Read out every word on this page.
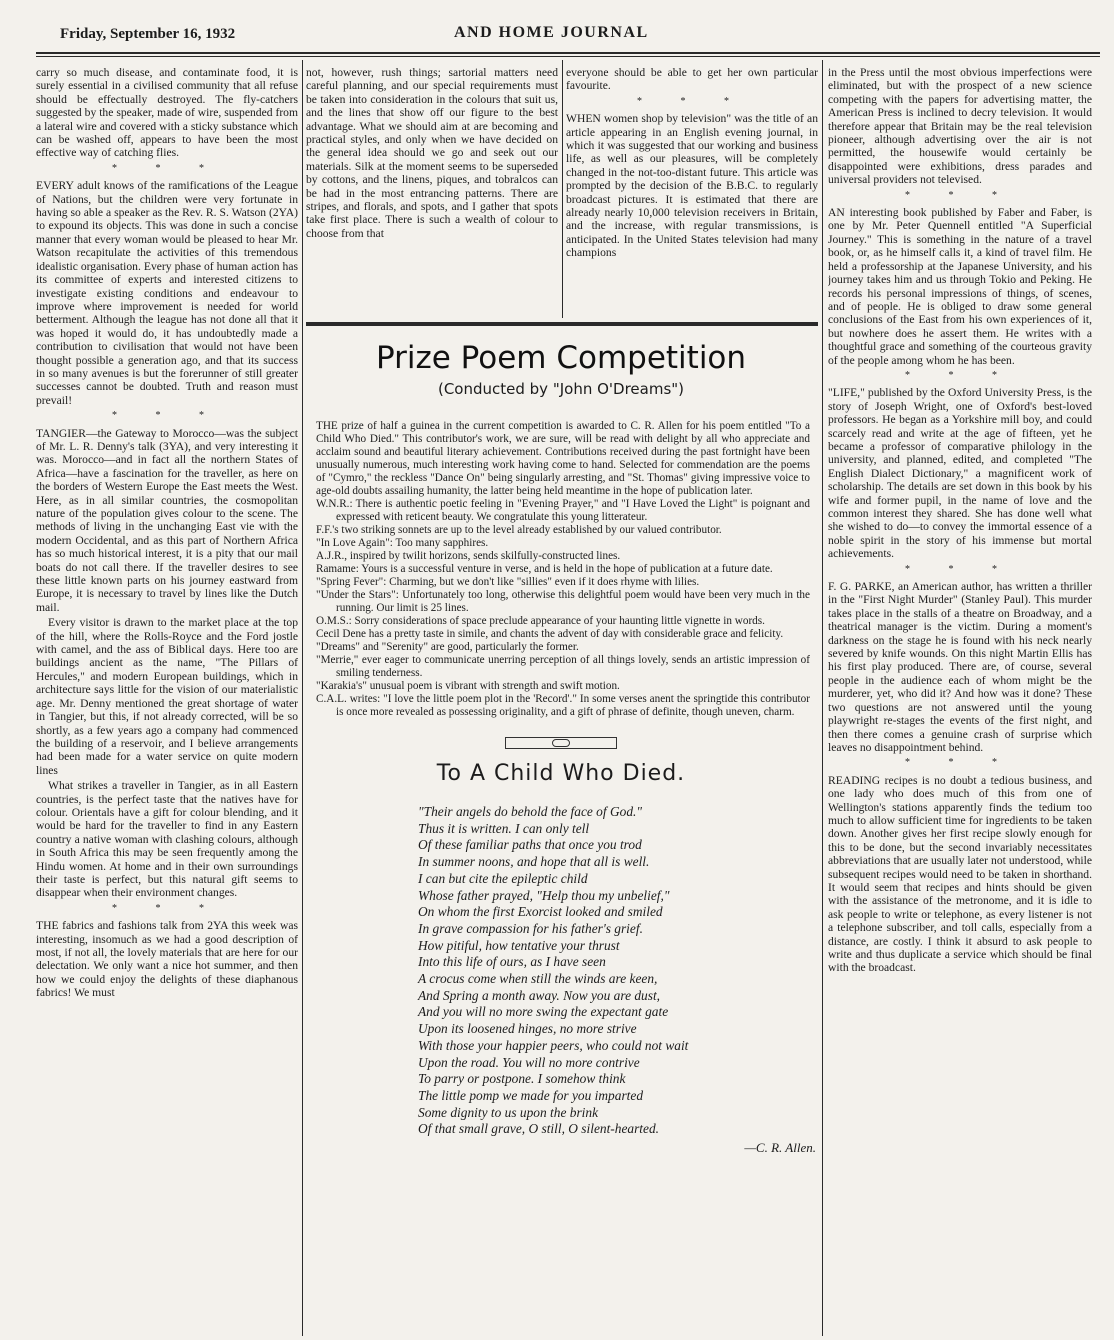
Friday, September 16, 1932	AND HOME JOURNAL

carry so much disease, and contaminate food, it is surely essential in a civilised community that all refuse should be effectually destroyed. The fly-catchers suggested by the speaker, made of wire, suspended from a lateral wire and covered with a sticky substance which can be washed off, appears to have been the most effective way of catching flies.

* * *

EVERY adult knows of the ramifications of the League of Nations, but the children were very fortunate in having so able a speaker as the Rev. R. S. Watson (2YA) to expound its objects. This was done in such a concise manner that every woman would be pleased to hear Mr. Watson recapitulate the activities of this tremendous idealistic organisation. Every phase of human action has its committee of experts and interested citizens to investigate existing conditions and endeavour to improve where improvement is needed for world betterment. Although the league has not done all that it was hoped it would do, it has undoubtedly made a contribution to civilisation that would not have been thought possible a generation ago, and that its success in so many avenues is but the forerunner of still greater successes cannot be doubted. Truth and reason must prevail!

* * *

TANGIER—the Gateway to Morocco—was the subject of Mr. L. R. Denny's talk (3YA), and very interesting it was. Morocco—and in fact all the northern States of Africa—have a fascination for the traveller, as here on the borders of Western Europe the East meets the West. Here, as in all similar countries, the cosmopolitan nature of the population gives colour to the scene. The methods of living in the unchanging East vie with the modern Occidental, and as this part of Northern Africa has so much historical interest, it is a pity that our mail boats do not call there. If the traveller desires to see these little known parts on his journey eastward from Europe, it is necessary to travel by lines like the Dutch mail.

Every visitor is drawn to the market place at the top of the hill, where the Rolls-Royce and the Ford jostle with camel, and the ass of Biblical days. Here too are buildings ancient as the name, "The Pillars of Hercules," and modern European buildings, which in architecture says little for the vision of our materialistic age. Mr. Denny mentioned the great shortage of water in Tangier, but this, if not already corrected, will be so shortly, as a few years ago a company had commenced the building of a reservoir, and I believe arrangements had been made for a water service on quite modern lines

What strikes a traveller in Tangier, as in all Eastern countries, is the perfect taste that the natives have for colour. Orientals have a gift for colour blending, and it would be hard for the traveller to find in any Eastern country a native woman with clashing colours, although in South Africa this may be seen frequently among the Hindu women. At home and in their own surroundings their taste is perfect, but this natural gift seems to disappear when their environment changes.

* * *

THE fabrics and fashions talk from 2YA this week was interesting, insomuch as we had a good description of most, if not all, the lovely materials that are here for our delectation. We only want a nice hot summer, and then how we could enjoy the delights of these diaphanous fabrics! We must

not, however, rush things; sartorial matters need careful planning, and our special requirements must be taken into consideration in the colours that suit us, and the lines that show off our figure to the best advantage. What we should aim at are becoming and practical styles, and only when we have decided on the general idea should we go and seek out our materials. Silk at the moment seems to be superseded by cottons, and the linens, piques, and tobralcos can be had in the most entrancing patterns. There are stripes, and florals, and spots, and I gather that spots take first place. There is such a wealth of colour to choose from that

everyone should be able to get her own particular favourite.

* * *

WHEN women shop by television" was the title of an article appearing in an English evening journal, in which it was suggested that our working and business life, as well as our pleasures, will be completely changed in the not-too-distant future. This article was prompted by the decision of the B.B.C. to regularly broadcast pictures. It is estimated that there are already nearly 10,000 television receivers in Britain, and the increase, with regular transmissions, is anticipated. In the United States television had many champions

in the Press until the most obvious imperfections were eliminated, but with the prospect of a new science competing with the papers for advertising matter, the American Press is inclined to decry television. It would therefore appear that Britain may be the real television pioneer, although advertising over the air is not permitted, the housewife would certainly be disappointed were exhibitions, dress parades and universal providers not televised.

* * *

AN interesting book published by Faber and Faber, is one by Mr. Peter Quennell entitled "A Superficial Journey." This is something in the nature of a travel book, or, as he himself calls it, a kind of travel film. He held a professorship at the Japanese University, and his journey takes him and us through Tokio and Peking. He records his personal impressions of things, of scenes, and of people. He is obliged to draw some general conclusions of the East from his own experiences of it, but nowhere does he assert them. He writes with a thoughtful grace and something of the courteous gravity of the people among whom he has been.

* * *

"LIFE," published by the Oxford University Press, is the story of Joseph Wright, one of Oxford's best-loved professors. He began as a Yorkshire mill boy, and could scarcely read and write at the age of fifteen, yet he became a professor of comparative philology in the university, and planned, edited, and completed "The English Dialect Dictionary," a magnificent work of scholarship. The details are set down in this book by his wife and former pupil, in the name of love and the common interest they shared. She has done well what she wished to do—to convey the immortal essence of a noble spirit in the story of his immense but mortal achievements.

* * *

F. G. PARKE, an American author, has written a thriller in the "First Night Murder" (Stanley Paul). This murder takes place in the stalls of a theatre on Broadway, and a theatrical manager is the victim. During a moment's darkness on the stage he is found with his neck nearly severed by knife wounds. On this night Martin Ellis has his first play produced. There are, of course, several people in the audience each of whom might be the murderer, yet, who did it? And how was it done? These two questions are not answered until the young playwright re-stages the events of the first night, and then there comes a genuine crash of surprise which leaves no disappointment behind.

* * *

READING recipes is no doubt a tedious business, and one lady who does much of this from one of Wellington's stations apparently finds the tedium too much to allow sufficient time for ingredients to be taken down. Another gives her first recipe slowly enough for this to be done, but the second invariably necessitates abbreviations that are usually later not understood, while subsequent recipes would need to be taken in shorthand. It would seem that recipes and hints should be given with the assistance of the metronome, and it is idle to ask people to write or telephone, as every listener is not a telephone subscriber, and toll calls, especially from a distance, are costly. I think it absurd to ask people to write and thus duplicate a service which should be final with the broadcast.

Prize Poem Competition
(Conducted by "John O'Dreams")

THE prize of half a guinea in the current competition is awarded to C. R. Allen for his poem entitled "To a Child Who Died." This contributor's work, we are sure, will be read with delight by all who appreciate and acclaim sound and beautiful literary achievement. Contributions received during the past fortnight have been unusually numerous, much interesting work having come to hand. Selected for commendation are the poems of "Cymro," the reckless "Dance On" being singularly arresting, and "St. Thomas" giving impressive voice to age-old doubts assailing humanity, the latter being held meantime in the hope of publication later.

W.N.R.: There is authentic poetic feeling in "Evening Prayer," and "I Have Loved the Light" is poignant and expressed with reticent beauty. We congratulate this young litterateur.

F.F.'s two striking sonnets are up to the level already established by our valued contributor.

"In Love Again": Too many sapphires.

A.J.R., inspired by twilit horizons, sends skilfully-constructed lines.

Ramame: Yours is a successful venture in verse, and is held in the hope of publication at a future date.

"Spring Fever": Charming, but we don't like "sillies" even if it does rhyme with lilies.

"Under the Stars": Unfortunately too long, otherwise this delightful poem would have been very much in the running. Our limit is 25 lines.

O.M.S.: Sorry considerations of space preclude appearance of your haunting little vignette in words.

Cecil Dene has a pretty taste in simile, and chants the advent of day with considerable grace and felicity.

"Dreams" and "Serenity" are good, particularly the former.

"Merrie," ever eager to communicate unerring perception of all things lovely, sends an artistic impression of smiling tenderness.

"Karakia's" unusual poem is vibrant with strength and swift motion.

C.A.L. writes: "I love the little poem plot in the 'Record'." In some verses anent the springtide this contributor is once more revealed as possessing originality, and a gift of phrase of definite, though uneven, charm.

To A Child Who Died.
"Their angels do behold the face of God."
Thus it is written. I can only tell
Of these familiar paths that once you trod
In summer noons, and hope that all is well.
I can but cite the epileptic child
Whose father prayed, "Help thou my unbelief,"
On whom the first Exorcist looked and smiled
In grave compassion for his father's grief.
How pitiful, how tentative your thrust
Into this life of ours, as I have seen
A crocus come when still the winds are keen,
And Spring a month away. Now you are dust,
And you will no more swing the expectant gate
Upon its loosened hinges, no more strive
With those your happier peers, who could not wait
Upon the road. You will no more contrive
To parry or postpone. I somehow think
The little pomp we made for you imparted
Some dignity to us upon the brink
Of that small grave, O still, O silent-hearted.
—C. R. Allen.
